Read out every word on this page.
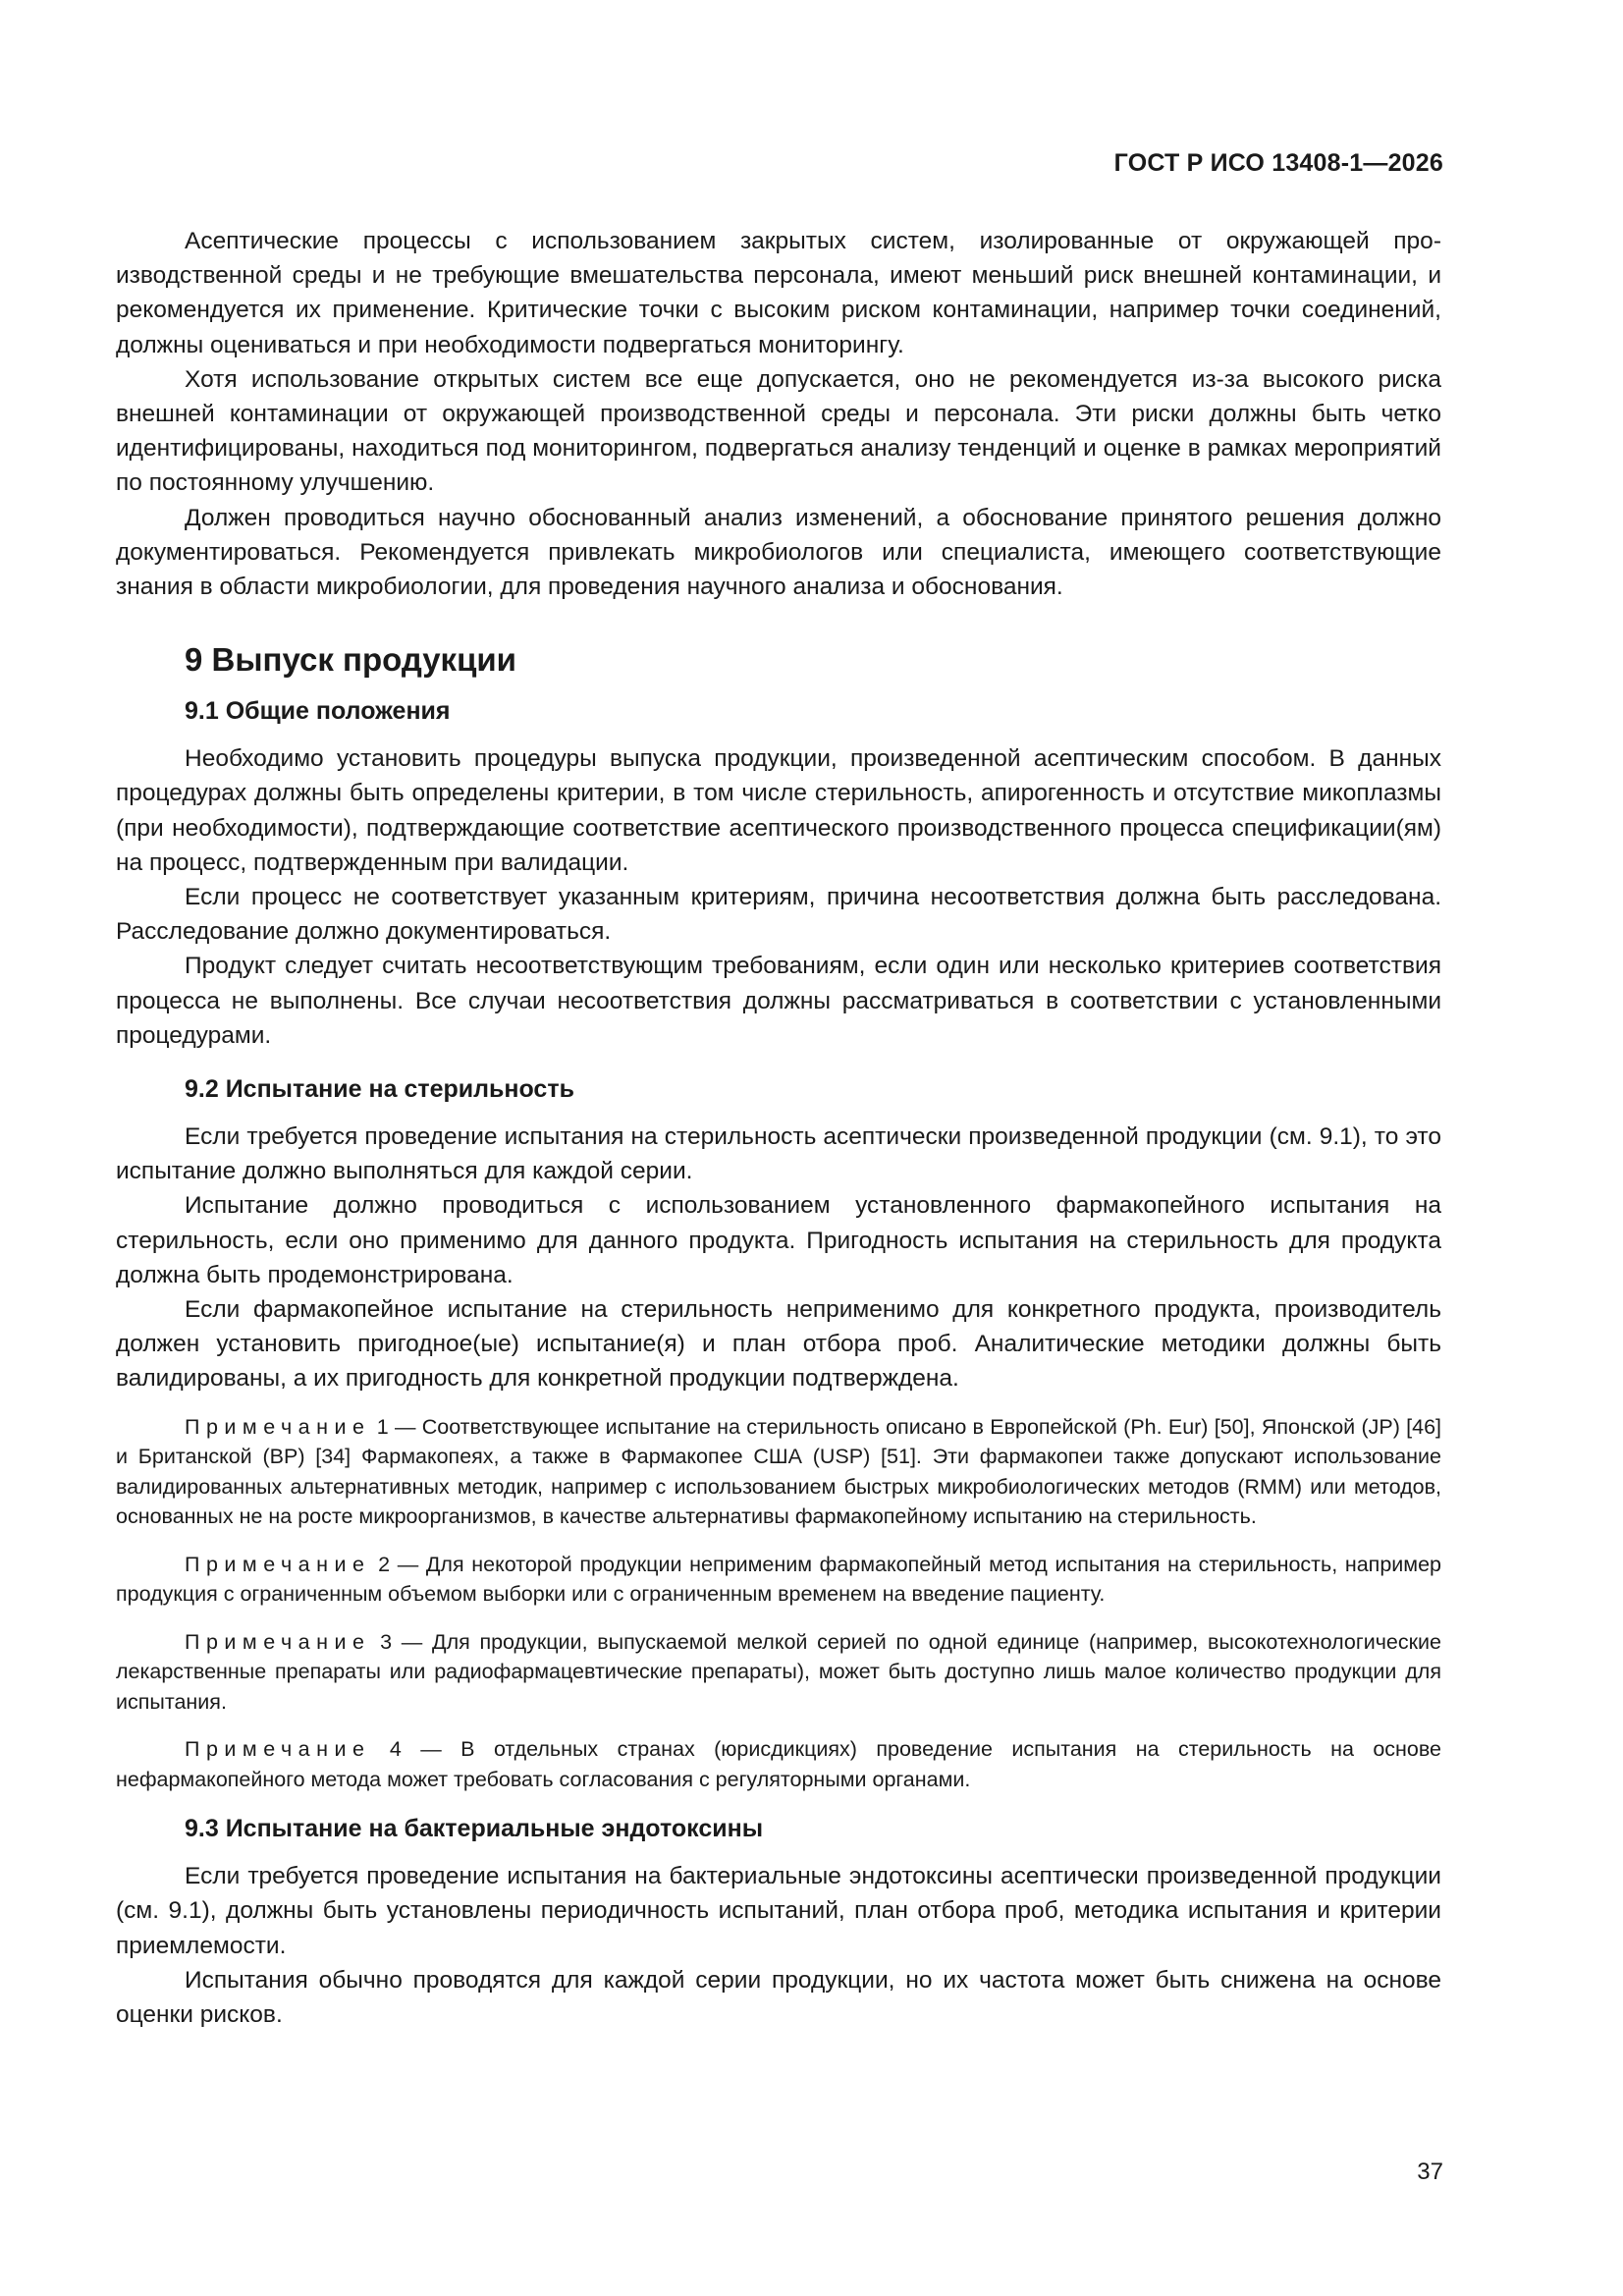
ГОСТ Р ИСО 13408-1—2026

Асептические процессы с использованием закрытых систем, изолированные от окружающей производственной среды и не требующие вмешательства персонала, имеют меньший риск внешней контаминации, и рекомендуется их применение. Критические точки с высоким риском контаминации, например точки соединений, должны оцениваться и при необходимости подвергаться мониторингу.

Хотя использование открытых систем все еще допускается, оно не рекомендуется из-за высокого риска внешней контаминации от окружающей производственной среды и персонала. Эти риски должны быть четко идентифицированы, находиться под мониторингом, подвергаться анализу тенденций и оценке в рамках мероприятий по постоянному улучшению.

Должен проводиться научно обоснованный анализ изменений, а обоснование принятого решения должно документироваться. Рекомендуется привлекать микробиологов или специалиста, имеющего соответствующие знания в области микробиологии, для проведения научного анализа и обоснования.

9 Выпуск продукции
9.1 Общие положения

Необходимо установить процедуры выпуска продукции, произведенной асептическим способом. В данных процедурах должны быть определены критерии, в том числе стерильность, апирогенность и отсутствие микоплазмы (при необходимости), подтверждающие соответствие асептического производственного процесса спецификации(ям) на процесс, подтвержденным при валидации.

Если процесс не соответствует указанным критериям, причина несоответствия должна быть расследована. Расследование должно документироваться.

Продукт следует считать несоответствующим требованиям, если один или несколько критериев соответствия процесса не выполнены. Все случаи несоответствия должны рассматриваться в соответствии с установленными процедурами.

9.2 Испытание на стерильность

Если требуется проведение испытания на стерильность асептически произведенной продукции (см. 9.1), то это испытание должно выполняться для каждой серии.

Испытание должно проводиться с использованием установленного фармакопейного испытания на стерильность, если оно применимо для данного продукта. Пригодность испытания на стерильность для продукта должна быть продемонстрирована.

Если фармакопейное испытание на стерильность неприменимо для конкретного продукта, производитель должен установить пригодное(ые) испытание(я) и план отбора проб. Аналитические методики должны быть валидированы, а их пригодность для конкретной продукции подтверждена.

Примечание 1 — Соответствующее испытание на стерильность описано в Европейской (Ph. Eur) [50], Японской (JP) [46] и Британской (BP) [34] Фармакопеях, а также в Фармакопее США (USP) [51]. Эти фармакопеи также допускают использование валидированных альтернативных методик, например с использованием быстрых микробиологических методов (RMM) или методов, основанных не на росте микроорганизмов, в качестве альтернативы фармакопейному испытанию на стерильность.

Примечание 2 — Для некоторой продукции неприменим фармакопейный метод испытания на стерильность, например продукция с ограниченным объемом выборки или с ограниченным временем на введение пациенту.

Примечание 3 — Для продукции, выпускаемой мелкой серией по одной единице (например, высокотехнологические лекарственные препараты или радиофармацевтические препараты), может быть доступно лишь малое количество продукции для испытания.

Примечание 4 — В отдельных странах (юрисдикциях) проведение испытания на стерильность на основе нефармакопейного метода может требовать согласования с регуляторными органами.

9.3 Испытание на бактериальные эндотоксины

Если требуется проведение испытания на бактериальные эндотоксины асептически произведенной продукции (см. 9.1), должны быть установлены периодичность испытаний, план отбора проб, методика испытания и критерии приемлемости.

Испытания обычно проводятся для каждой серии продукции, но их частота может быть снижена на основе оценки рисков.

37
